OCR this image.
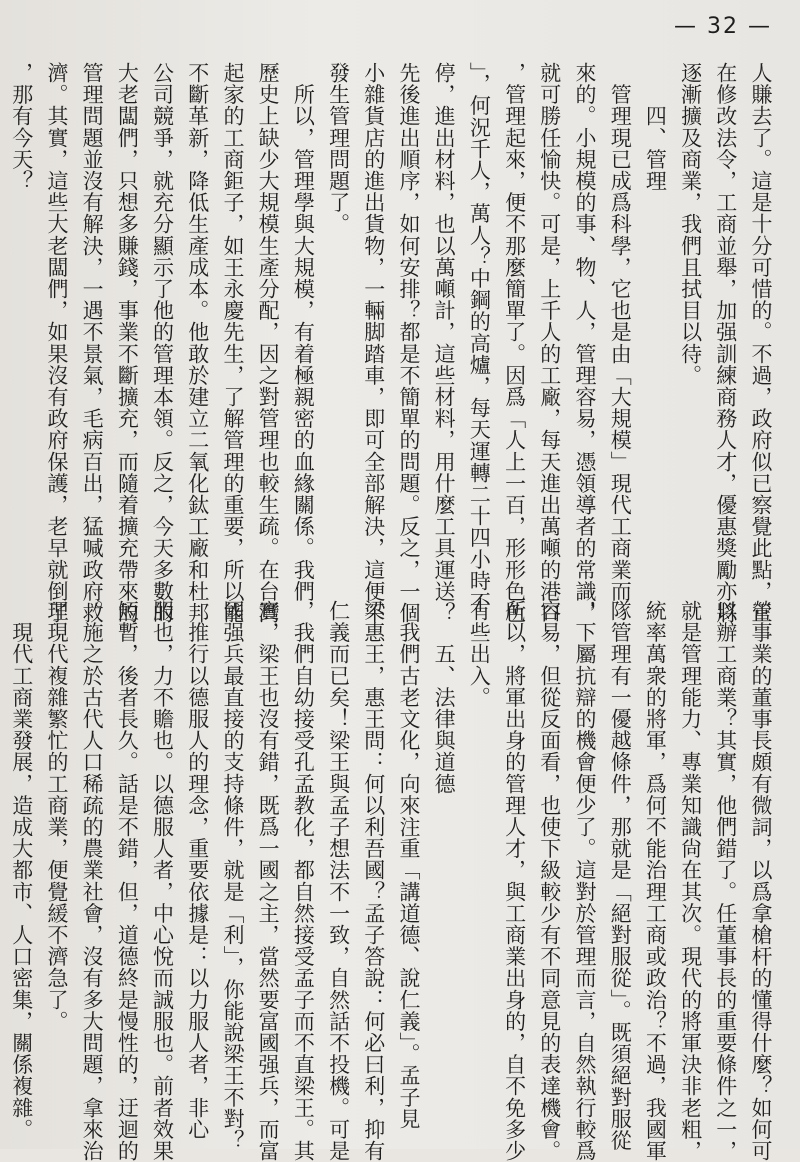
— 32 —
人賺去了。這是十分可惜的。不過，政府似已察覺此點，正
在修改法令，工商並舉，加强訓練商務人才，優惠獎勵亦將
逐漸擴及商業，我們且拭目以待。
　　四、管理
　管理現已成爲科學，它也是由「大規模」現代工商業而
來的。小規模的事、物、人，管理容易，憑領導者的常識，
就可勝任愉快。可是，上千人的工廠，每天進出萬噸的港口
，管理起來，便不那麼簡單了。因爲「人上一百，形形色色
」，何況千人，萬人？中鋼的高爐，每天運轉二十四小時不
停，進出材料，也以萬噸計，這些材料，用什麼工具運送？
先後進出順序，如何安排？都是不簡單的問題。反之，一個
小雜貨店的進出貨物，一輛脚踏車，即可全部解決，這便不
發生管理問題了。
　所以，管理學與大規模，有着極親密的血緣關係。我們
歷史上缺少大規模生產分配，因之對管理也較生疏。在台灣
起家的工商鉅子，如王永慶先生，了解管理的重要，所以能
不斷革新，降低生產成本。他敢於建立二氧化鈦工廠和杜邦
公司競爭，就充分顯示了他的管理本領。反之，今天多數的
大老闆們，只想多賺錢，事業不斷擴充，而隨着擴充帶來的
管理問題並沒有解決，一遇不景氣，毛病百出，猛喊政府救
濟。其實，這些大老闆們，如果沒有政府保護，老早就倒了
，那有今天？

營事業的董事長頗有微詞，以爲拿槍杆的懂得什麼？如何可
以辦工商業？其實，他們錯了。任董事長的重要條件之一，
就是管理能力、專業知識尙在其次。現代的將軍決非老粗，
統率萬衆的將軍，爲何不能治理工商或政治？不過，我國軍
隊管理有一優越條件，那就是「絕對服從」。既須絕對服從
，下屬抗辯的機會便少了。這對於管理而言，自然執行較爲
容易，但從反面看，也使下級較少有不同意見的表達機會。
所以，將軍出身的管理人才，與工商業出身的，自不免多少
有些出入。
　　五、法律與道德
　我們古老文化，向來注重「講道德、說仁義」。孟子見
梁惠王，惠王問：何以利吾國？孟子答說：何必曰利，抑有
仁義而已矣！梁王與孟子想法不一致，自然話不投機。可是
，我們自幼接受孔孟教化，都自然接受孟子而不直梁王。其
實，梁王也沒有錯，既爲一國之主，當然要富國强兵，而富
國强兵最直接的支持條件，就是「利」，你能說梁王不對？
　推行以德服人的理念，重要依據是：以力服人者，非心
服也，力不贍也。以德服人者，中心悅而誠服也。前者效果
短暫，後者長久。話是不錯，但，道德終是慢性的，迂迴的
。施之於古代人口稀疏的農業社會，沒有多大問題，拿來治
理現代複雜繁忙的工商業，便覺緩不濟急了。
　現代工商業發展，造成大都市、人口密集，關係複雜。
